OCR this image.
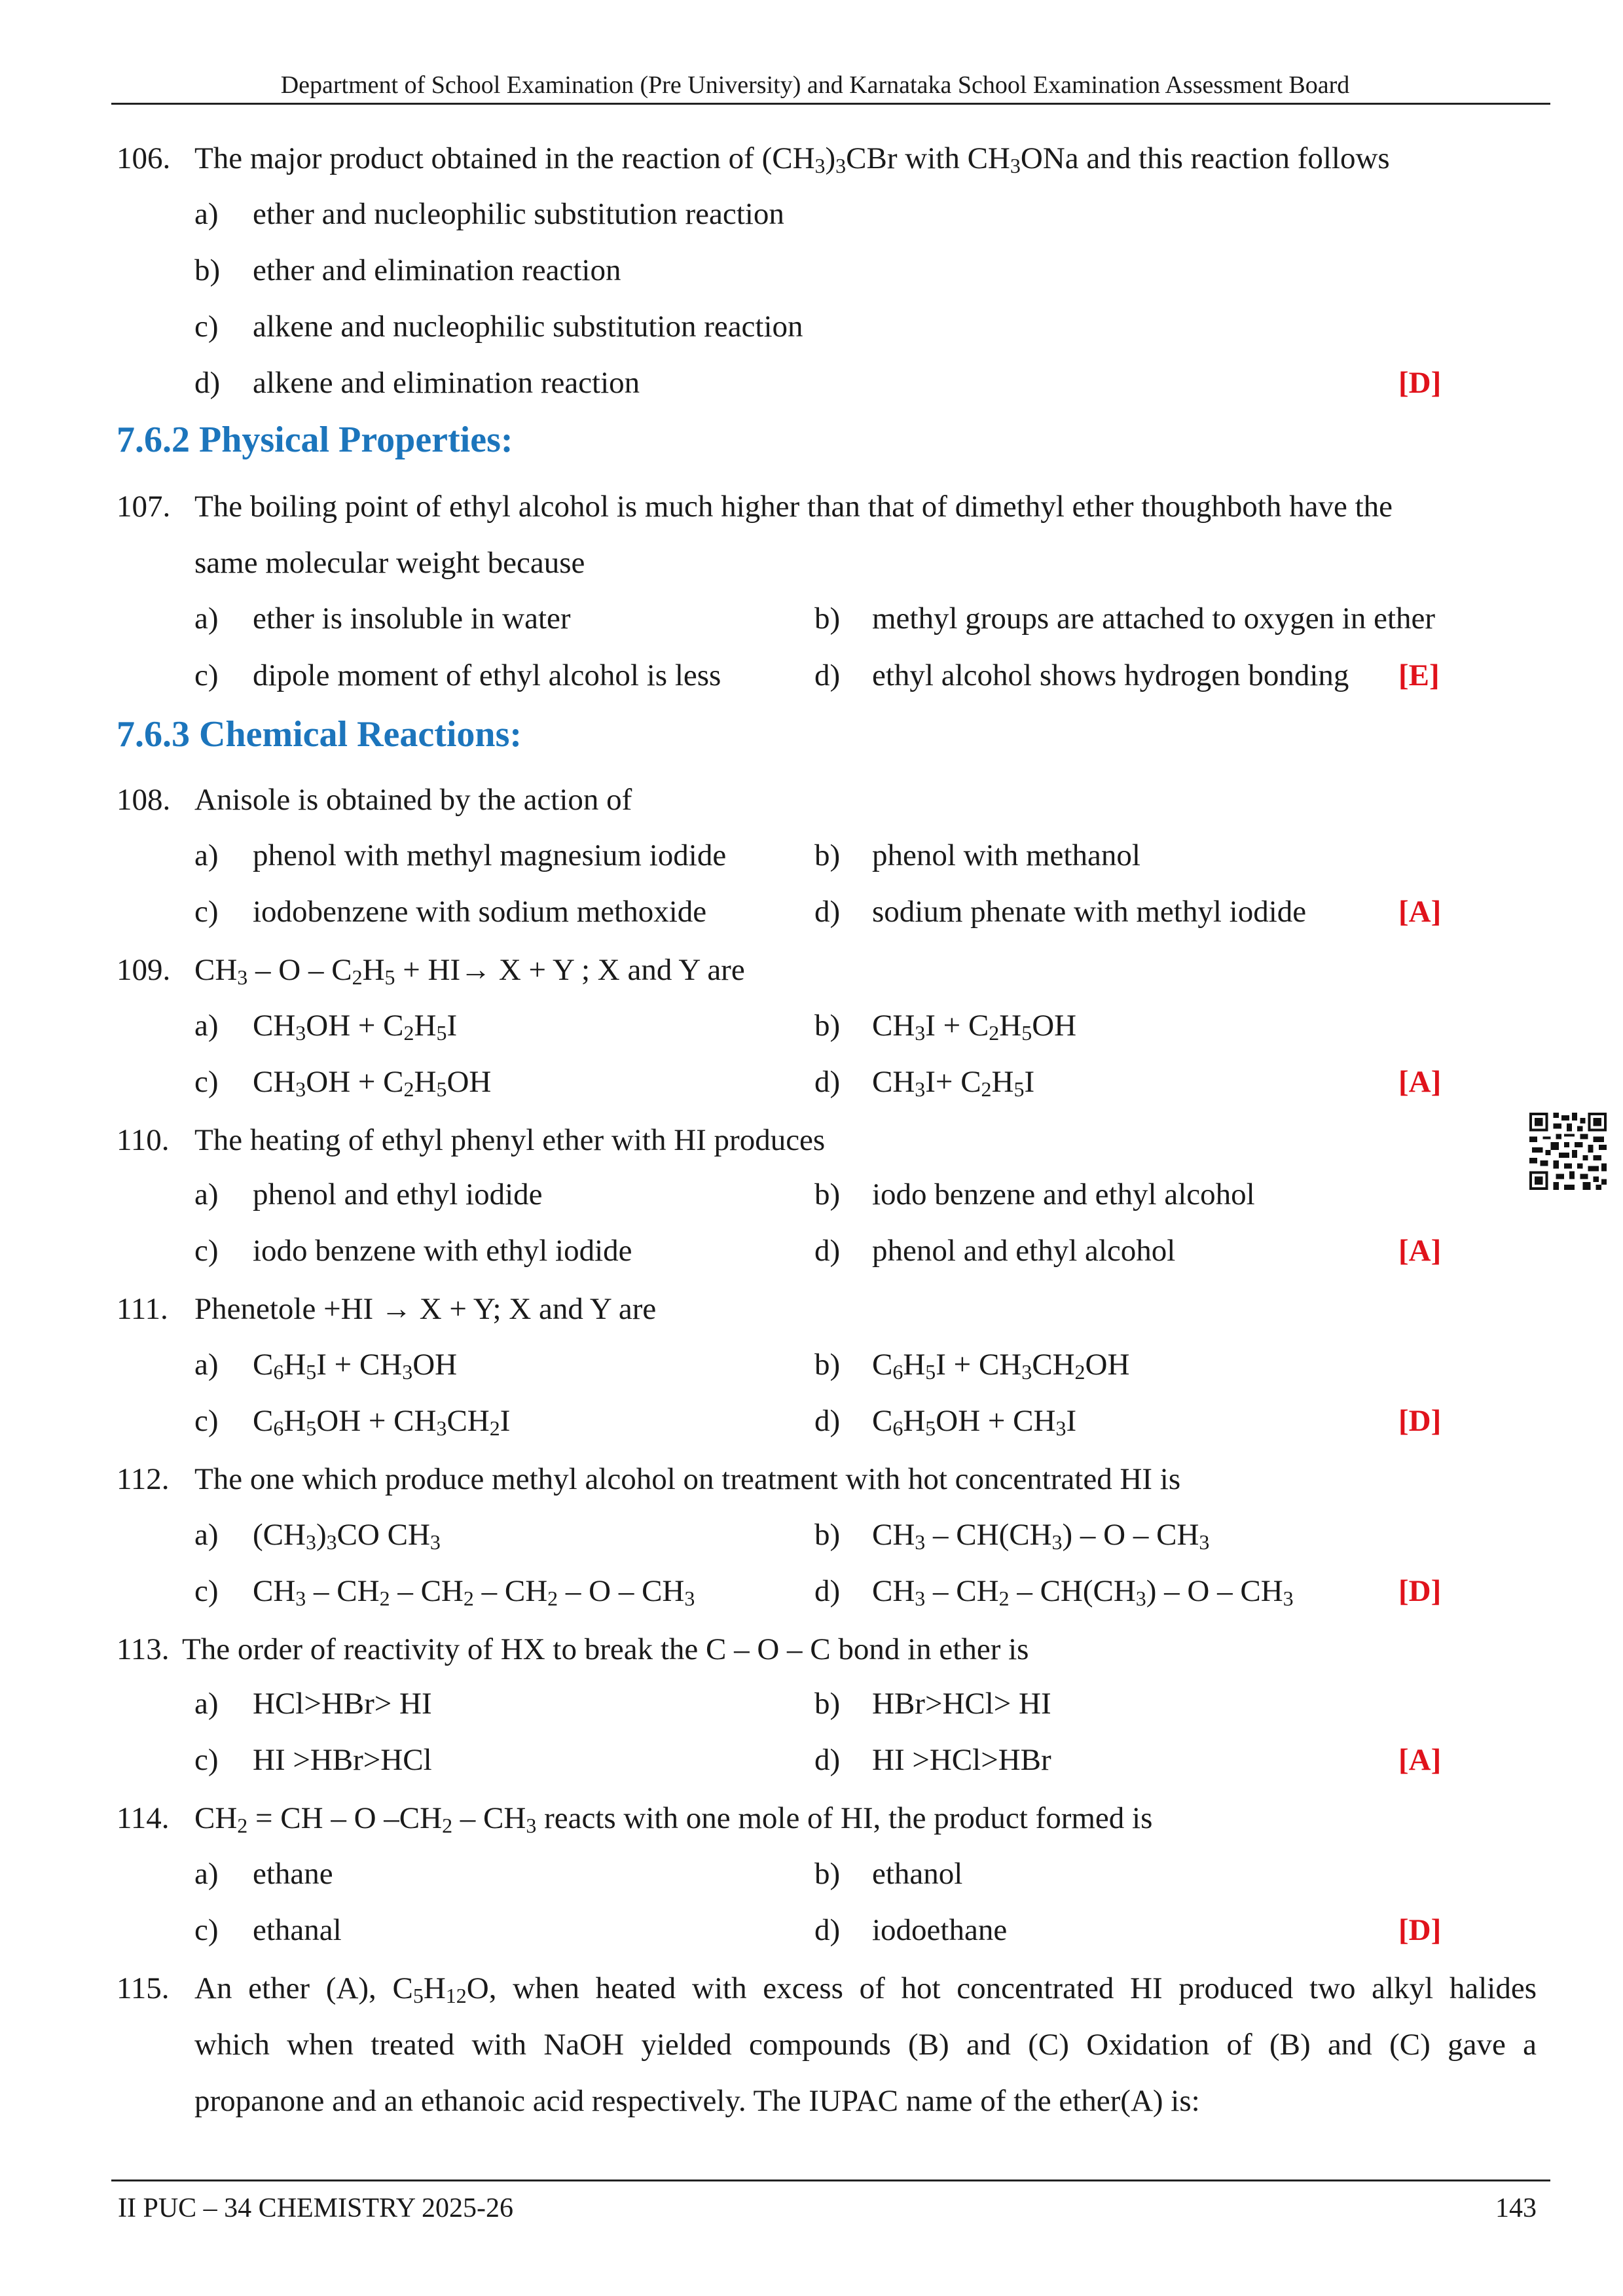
Department of School Examination (Pre University) and Karnataka School Examination Assessment Board
106. The major product obtained in the reaction of $(CH_3)_3CBr$ with $CH_3ONa$ and this reaction follows
a) ether and nucleophilic substitution reaction
b) ether and elimination reaction
c) alkene and nucleophilic substitution reaction
d) alkene and elimination reaction	[D]
7.6.2 Physical Properties:
107. The boiling point of ethyl alcohol is much higher than that of dimethyl ether thoughboth have the
same molecular weight because
a) ether is insoluble in water	b) methyl groups are attached to oxygen in ether
c) dipole moment of ethyl alcohol is less	d) ethyl alcohol shows hydrogen bonding [E]
7.6.3 Chemical Reactions:
108. Anisole is obtained by the action of
a) phenol with methyl magnesium iodide	b) phenol with methanol
c) iodobenzene with sodium methoxide	d) sodium phenate with methyl iodide	[A]
109. $CH_3 - O - C_2H_5 + HI\to X + Y$ ; X and Y are
a) $CH_3OH + C_2H_5I$	b) $CH_3I + C_2H_5OH$
c) $CH_3OH + C_2H_5OH$	d) $CH_3I+ C_2H_5I$	[A]
110. The heating of ethyl phenyl ether with HI produces
a) phenol and ethyl iodide	b) iodo benzene and ethyl alcohol
c) iodo benzene with ethyl iodide	d) phenol and ethyl alcohol	[A]
111. Phenetole +HI → X + Y; X and Y are
a) $C_6H_5I + CH_3OH$	b) $C_6H_5I + CH_3CH_2OH$
c) $C_6H_5OH + CH_3CH_2I$	d) $C_6H_5OH + CH_3I$	[D]
112. The one which produce methyl alcohol on treatment with hot concentrated HI is
a) $(CH_3)_3CO$ $CH_3$	b) $CH_3 - CH(CH_3)$ – O – $CH_3$
c) $CH_3 - CH_2 - CH_2 - CH_2$ – O – $CH_3$	d) $CH_3 - CH_2 - CH(CH_3)$ – O – $CH_3$	[D]
113. The order of reactivity of HX to break the C – O – C bond in ether is
a) HCl>HBr> HI	b) HBr>HCl> HI
c) HI >HBr>HCl	d) HI >HCl>HBr	[A]
114. $CH_2$ = CH – O $-CH_2 - CH_3$ reacts with one mole of HI, the product formed is
a) ethane	b) ethanol
c) ethanal	d) iodoethane	[D]
115. An ether (A), $C_5H_{12}O$, when heated with excess of hot concentrated HI produced two alkyl halides
which when treated with NaOH yielded compounds (B) and (C) Oxidation of (B) and (C) gave a
propanone and an ethanoic acid respectively. The IUPAC name of the ether(A) is:
II PUC – 34 CHEMISTRY 2025-26	143
